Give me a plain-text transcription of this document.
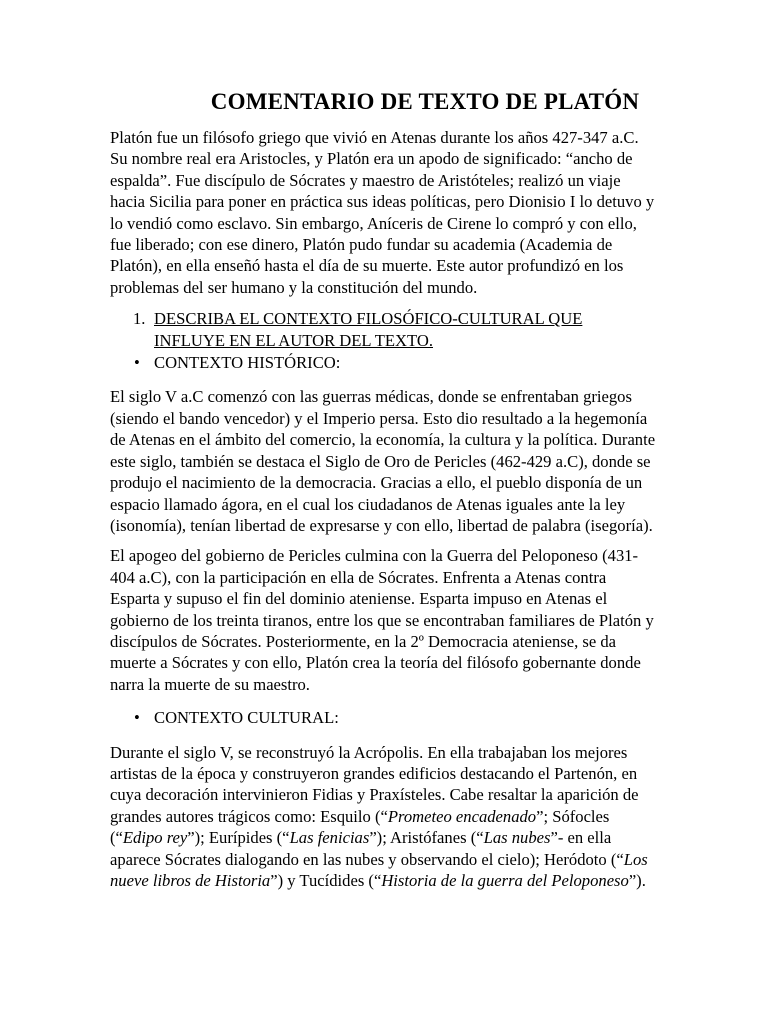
COMENTARIO DE TEXTO DE PLATÓN

Platón fue un filósofo griego que vivió en Atenas durante los años 427-347 a.C. Su nombre real era Aristocles, y Platón era un apodo de significado: “ancho de espalda”. Fue discípulo de Sócrates y maestro de Aristóteles; realizó un viaje hacia Sicilia para poner en práctica sus ideas políticas, pero Dionisio I lo detuvo y lo vendió como esclavo. Sin embargo, Aníceris de Cirene lo compró y con ello, fue liberado; con ese dinero, Platón pudo fundar su academia (Academia de Platón), en ella enseñó hasta el día de su muerte. Este autor profundizó en los problemas del ser humano y la constitución del mundo.

1. DESCRIBA EL CONTEXTO FILOSÓFICO-CULTURAL QUE INFLUYE EN EL AUTOR DEL TEXTO.
• CONTEXTO HISTÓRICO:

El siglo V a.C comenzó con las guerras médicas, donde se enfrentaban griegos (siendo el bando vencedor) y el Imperio persa. Esto dio resultado a la hegemonía de Atenas en el ámbito del comercio, la economía, la cultura y la política. Durante este siglo, también se destaca el Siglo de Oro de Pericles (462-429 a.C), donde se produjo el nacimiento de la democracia. Gracias a ello, el pueblo disponía de un espacio llamado ágora, en el cual los ciudadanos de Atenas iguales ante la ley (isonomía), tenían libertad de expresarse y con ello, libertad de palabra (isegoría).

El apogeo del gobierno de Pericles culmina con la Guerra del Peloponeso (431-404 a.C), con la participación en ella de Sócrates. Enfrenta a Atenas contra Esparta y supuso el fin del dominio ateniense. Esparta impuso en Atenas el gobierno de los treinta tiranos, entre los que se encontraban familiares de Platón y discípulos de Sócrates. Posteriormente, en la 2º Democracia ateniense, se da muerte a Sócrates y con ello, Platón crea la teoría del filósofo gobernante donde narra la muerte de su maestro.

• CONTEXTO CULTURAL:

Durante el siglo V, se reconstruyó la Acrópolis. En ella trabajaban los mejores artistas de la época y construyeron grandes edificios destacando el Partenón, en cuya decoración intervinieron Fidias y Praxísteles. Cabe resaltar la aparición de grandes autores trágicos como: Esquilo (“Prometeo encadenado”; Sófocles (“Edipo rey”); Eurípides (“Las fenicias”); Aristófanes (“Las nubes”- en ella aparece Sócrates dialogando en las nubes y observando el cielo); Heródoto (“Los nueve libros de Historia”) y Tucídides (“Historia de la guerra del Peloponeso”).
